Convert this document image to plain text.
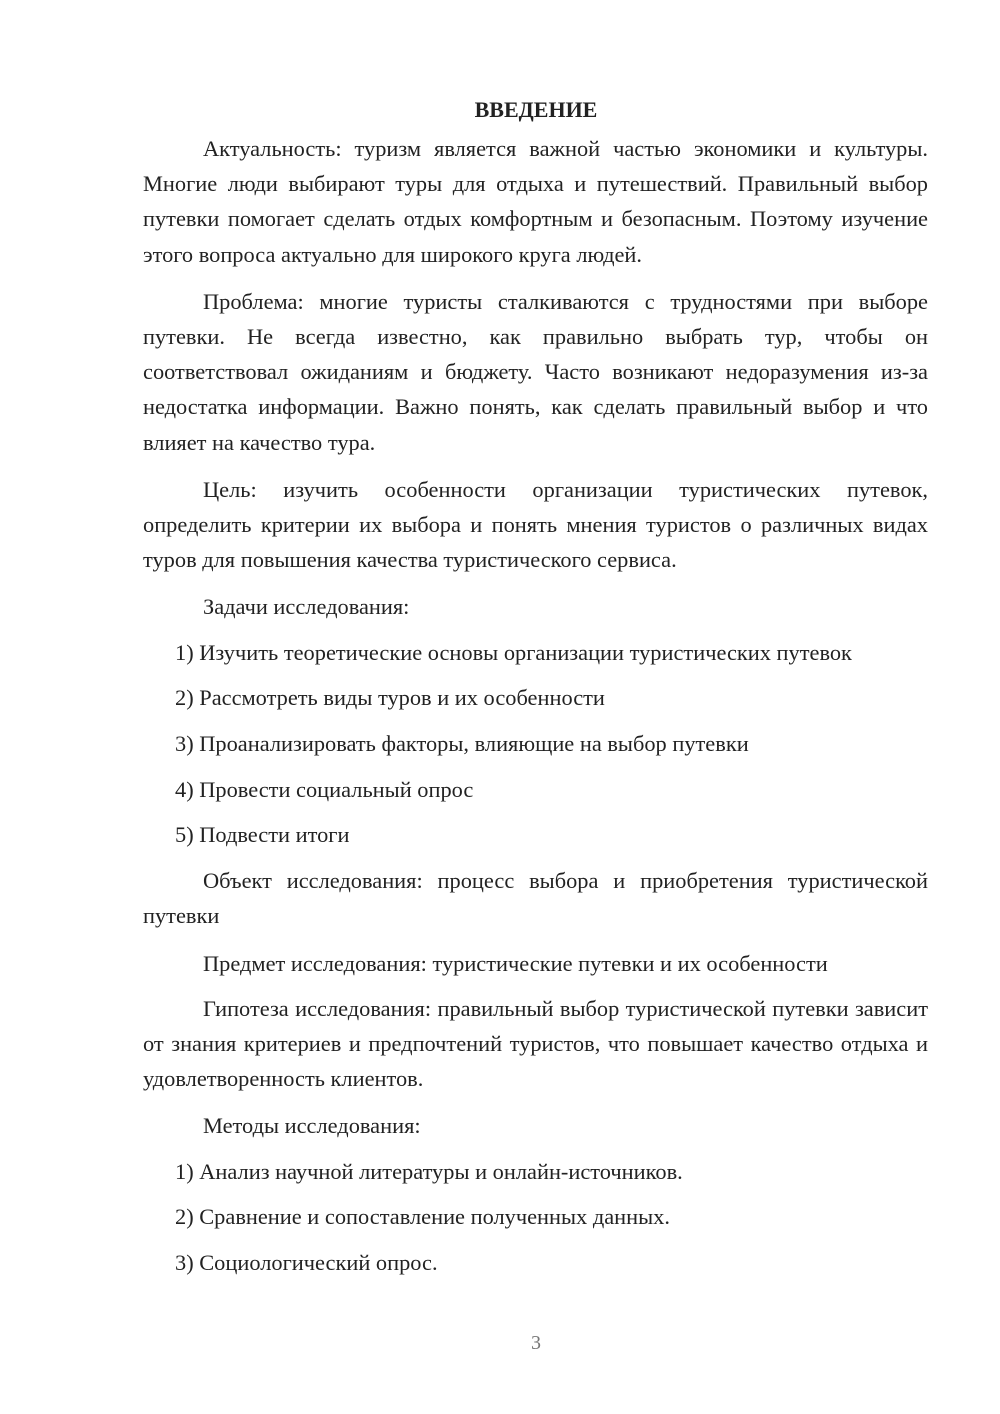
ВВЕДЕНИЕ

Актуальность: туризм является важной частью экономики и культуры. Многие люди выбирают туры для отдыха и путешествий. Правильный выбор путевки помогает сделать отдых комфортным и безопасным. Поэтому изучение этого вопроса актуально для широкого круга людей.

Проблема: многие туристы сталкиваются с трудностями при выборе путевки. Не всегда известно, как правильно выбрать тур, чтобы он соответствовал ожиданиям и бюджету. Часто возникают недоразумения из-за недостатка информации. Важно понять, как сделать правильный выбор и что влияет на качество тура.

Цель: изучить особенности организации туристических путевок, определить критерии их выбора и понять мнения туристов о различных видах туров для повышения качества туристического сервиса.

Задачи исследования:

1) Изучить теоретические основы организации туристических путевок
2) Рассмотреть виды туров и их особенности
3) Проанализировать факторы, влияющие на выбор путевки
4) Провести социальный опрос
5) Подвести итоги

Объект исследования: процесс выбора и приобретения туристической путевки

Предмет исследования: туристические путевки и их особенности

Гипотеза исследования: правильный выбор туристической путевки зависит от знания критериев и предпочтений туристов, что повышает качество отдыха и удовлетворенность клиентов.

Методы исследования:

1) Анализ научной литературы и онлайн-источников.
2) Сравнение и сопоставление полученных данных.
3) Социологический опрос.
3
